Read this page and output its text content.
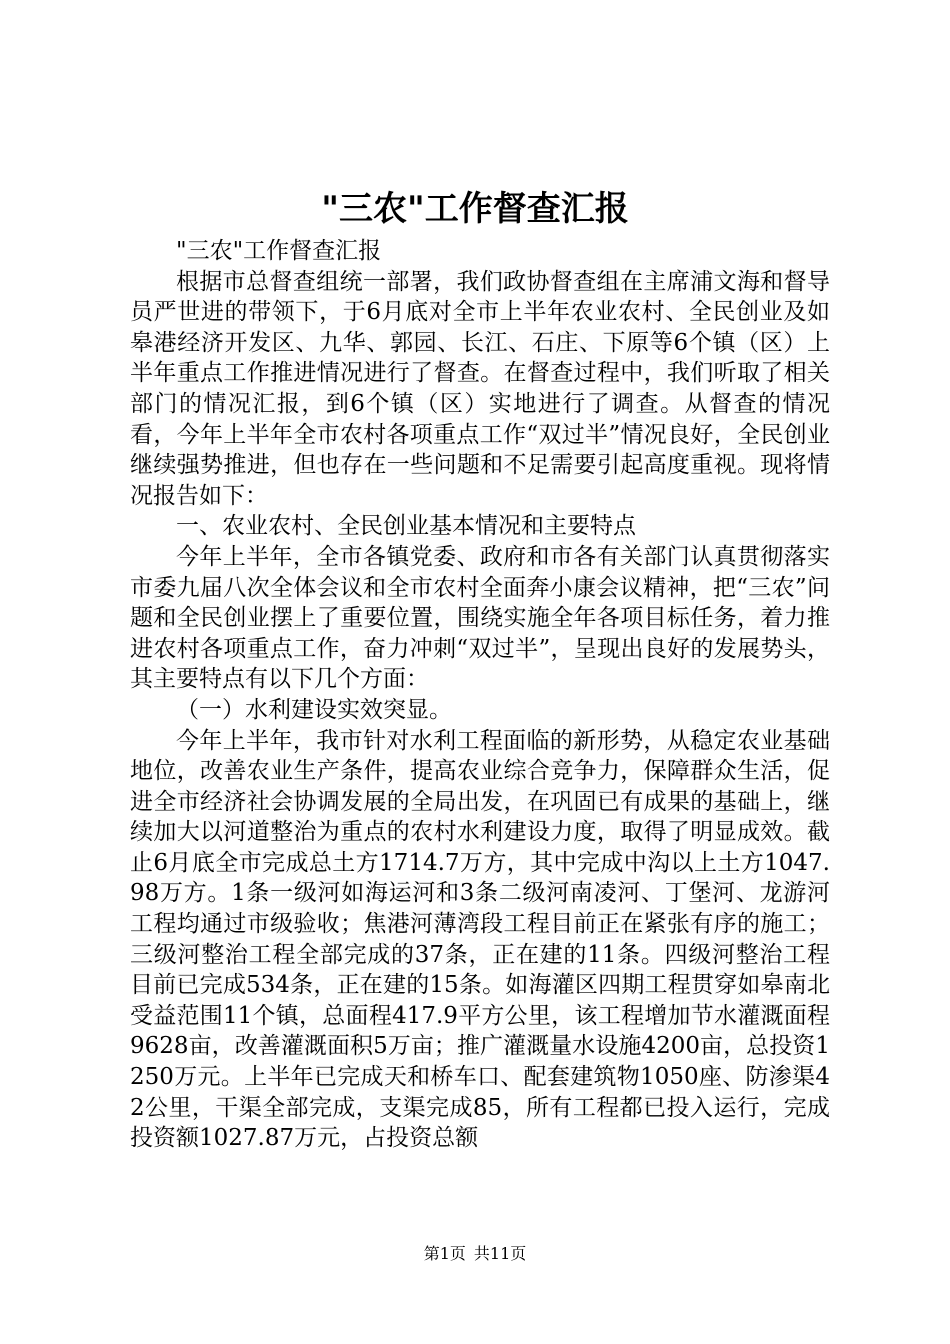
"三农"工作督查汇报

"三农"工作督查汇报

根据市总督查组统一部署，我们政协督查组在主席浦文海和督导员严世进的带领下，于6月底对全市上半年农业农村、全民创业及如皋港经济开发区、九华、郭园、长江、石庄、下原等6个镇（区）上半年重点工作推进情况进行了督查。在督查过程中，我们听取了相关部门的情况汇报，到6个镇（区）实地进行了调查。从督查的情况看，今年上半年全市农村各项重点工作“双过半”情况良好，全民创业继续强势推进，但也存在一些问题和不足需要引起高度重视。现将情况报告如下：

一、农业农村、全民创业基本情况和主要特点

今年上半年，全市各镇党委、政府和市各有关部门认真贯彻落实市委九届八次全体会议和全市农村全面奔小康会议精神，把“三农”问题和全民创业摆上了重要位置，围绕实施全年各项目标任务，着力推进农村各项重点工作，奋力冲刺“双过半”，呈现出良好的发展势头，其主要特点有以下几个方面：

（一）水利建设实效突显。

今年上半年，我市针对水利工程面临的新形势，从稳定农业基础地位，改善农业生产条件，提高农业综合竞争力，保障群众生活，促进全市经济社会协调发展的全局出发，在巩固已有成果的基础上，继续加大以河道整治为重点的农村水利建设力度，取得了明显成效。截止6月底全市完成总土方1714.7万方，其中完成中沟以上土方1047.98万方。1条一级河如海运河和3条二级河南凌河、丁堡河、龙游河工程均通过市级验收；焦港河薄湾段工程目前正在紧张有序的施工；三级河整治工程全部完成的37条，正在建的11条。四级河整治工程目前已完成534条，正在建的15条。如海灌区四期工程贯穿如皋南北受益范围11个镇，总面程417.9平方公里，该工程增加节水灌溉面程9628亩，改善灌溉面积5万亩；推广灌溉量水设施4200亩，总投资1250万元。上半年已完成天和桥车口、配套建筑物1050座、防渗渠42公里，干渠全部完成，支渠完成85，所有工程都已投入运行，完成投资额1027.87万元，占投资总额

第1页 共11页
